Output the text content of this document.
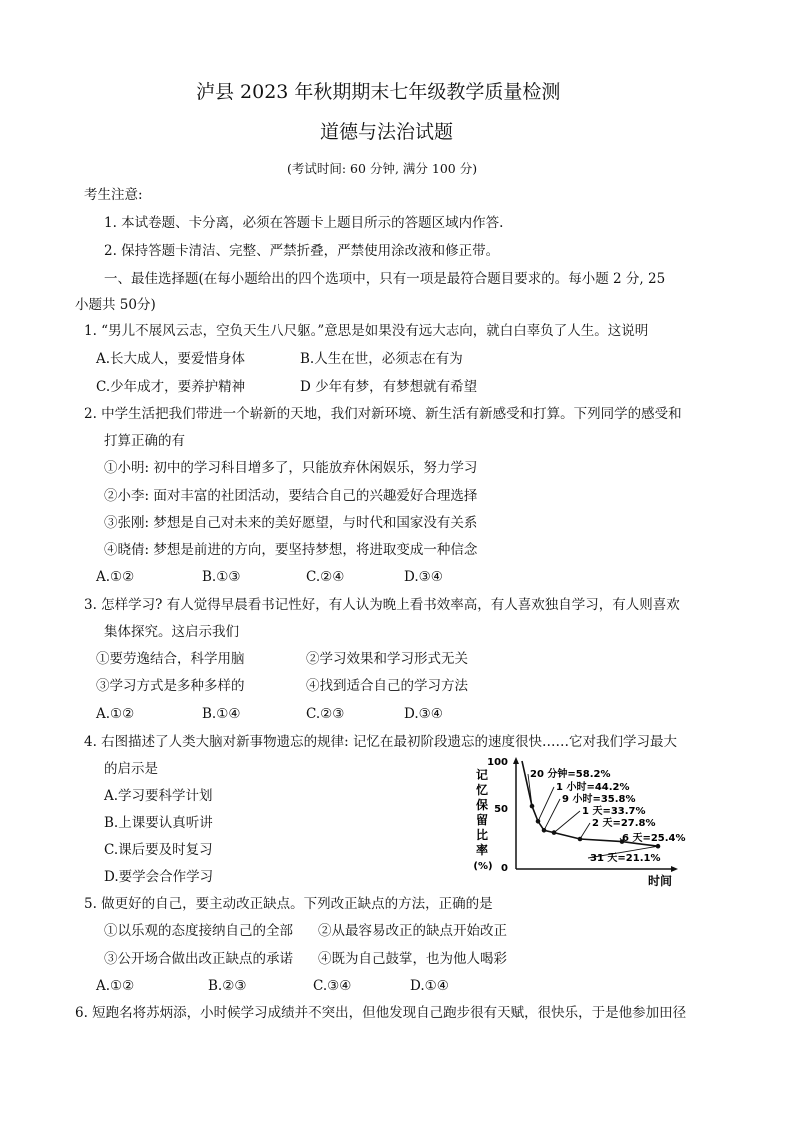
泸县 2023 年秋期期末七年级教学质量检测
道德与法治试题
(考试时间: 60 分钟, 满分 100 分)
考生注意:
1. 本试卷题、卡分离，必须在答题卡上题目所示的答题区域内作答.
2. 保持答题卡清洁、完整、严禁折叠，严禁使用涂改液和修正带。
一、最佳选择题(在每小题给出的四个选项中，只有一项是最符合题目要求的。每小题 2 分, 25
小题共 50分)
1. “男儿不展风云志，空负天生八尺躯。”意思是如果没有远大志向，就白白辜负了人生。这说明
A.长大成人，要爱惜身体	B.人生在世，必须志在有为
C.少年成才，要养护精神	D 少年有梦，有梦想就有希望
2. 中学生活把我们带进一个崭新的天地，我们对新环境、新生活有新感受和打算。下列同学的感受和
打算正确的有
①小明: 初中的学习科目增多了，只能放弃休闲娱乐，努力学习
②小李: 面对丰富的社团活动，要结合自己的兴趣爱好合理选择
③张刚: 梦想是自己对未来的美好愿望，与时代和国家没有关系
④晓倩: 梦想是前进的方向，要坚持梦想，将进取变成一种信念
A.①②	B.①③	C.②④	D.③④
3. 怎样学习? 有人觉得早晨看书记性好，有人认为晚上看书效率高，有人喜欢独自学习，有人则喜欢
集体探究。这启示我们
①要劳逸结合，科学用脑	②学习效果和学习形式无关
③学习方式是多种多样的	④找到适合自己的学习方法
A.①②	B.①④	C.②③	D.③④
4. 右图描述了人类大脑对新事物遗忘的规律: 记忆在最初阶段遗忘的速度很快……它对我们学习最大
的启示是
A.学习要科学计划
B.上课要认真听讲
C.课后要及时复习
D.要学会合作学习
记忆保留比率(%)
100
50
0
时间
20 分钟=58.2%
1 小时=44.2%
9 小时=35.8%
1 天=33.7%
2 天=27.8%
6 天=25.4%
31 天=21.1%
5. 做更好的自己，要主动改正缺点。下列改正缺点的方法，正确的是
①以乐观的态度接纳自己的全部 ②从最容易改正的缺点开始改正
③公开场合做出改正缺点的承诺 ④既为自己鼓掌，也为他人喝彩
A.①②	B.②③	C.③④	D.①④
6. 短跑名将苏炳添，小时候学习成绩并不突出，但他发现自己跑步很有天赋，很快乐，于是他参加田径
